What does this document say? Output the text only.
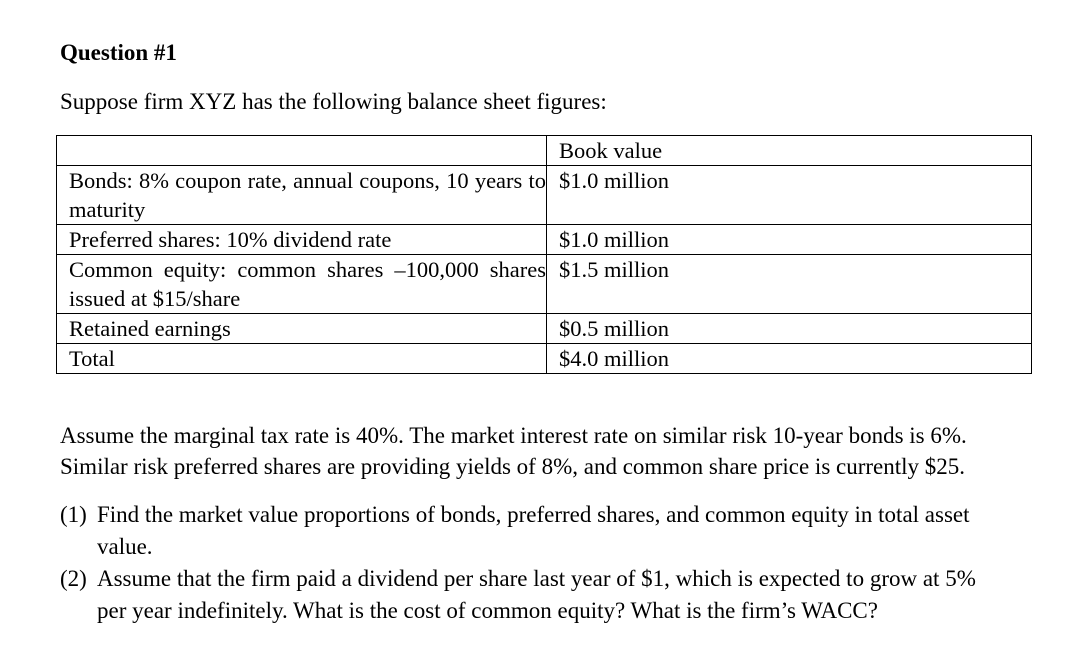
Question #1
Suppose firm XYZ has the following balance sheet figures:
	Book value
Bonds: 8% coupon rate, annual coupons, 10 years to maturity	$1.0 million
Preferred shares: 10% dividend rate	$1.0 million
Common equity: common shares –100,000 shares issued at $15/share	$1.5 million
Retained earnings	$0.5 million
Total	$4.0 million
Assume the marginal tax rate is 40%. The market interest rate on similar risk 10-year bonds is 6%.
Similar risk preferred shares are providing yields of 8%, and common share price is currently $25.
(1) Find the market value proportions of bonds, preferred shares, and common equity in total asset
value.
(2) Assume that the firm paid a dividend per share last year of $1, which is expected to grow at 5%
per year indefinitely. What is the cost of common equity? What is the firm’s WACC?
